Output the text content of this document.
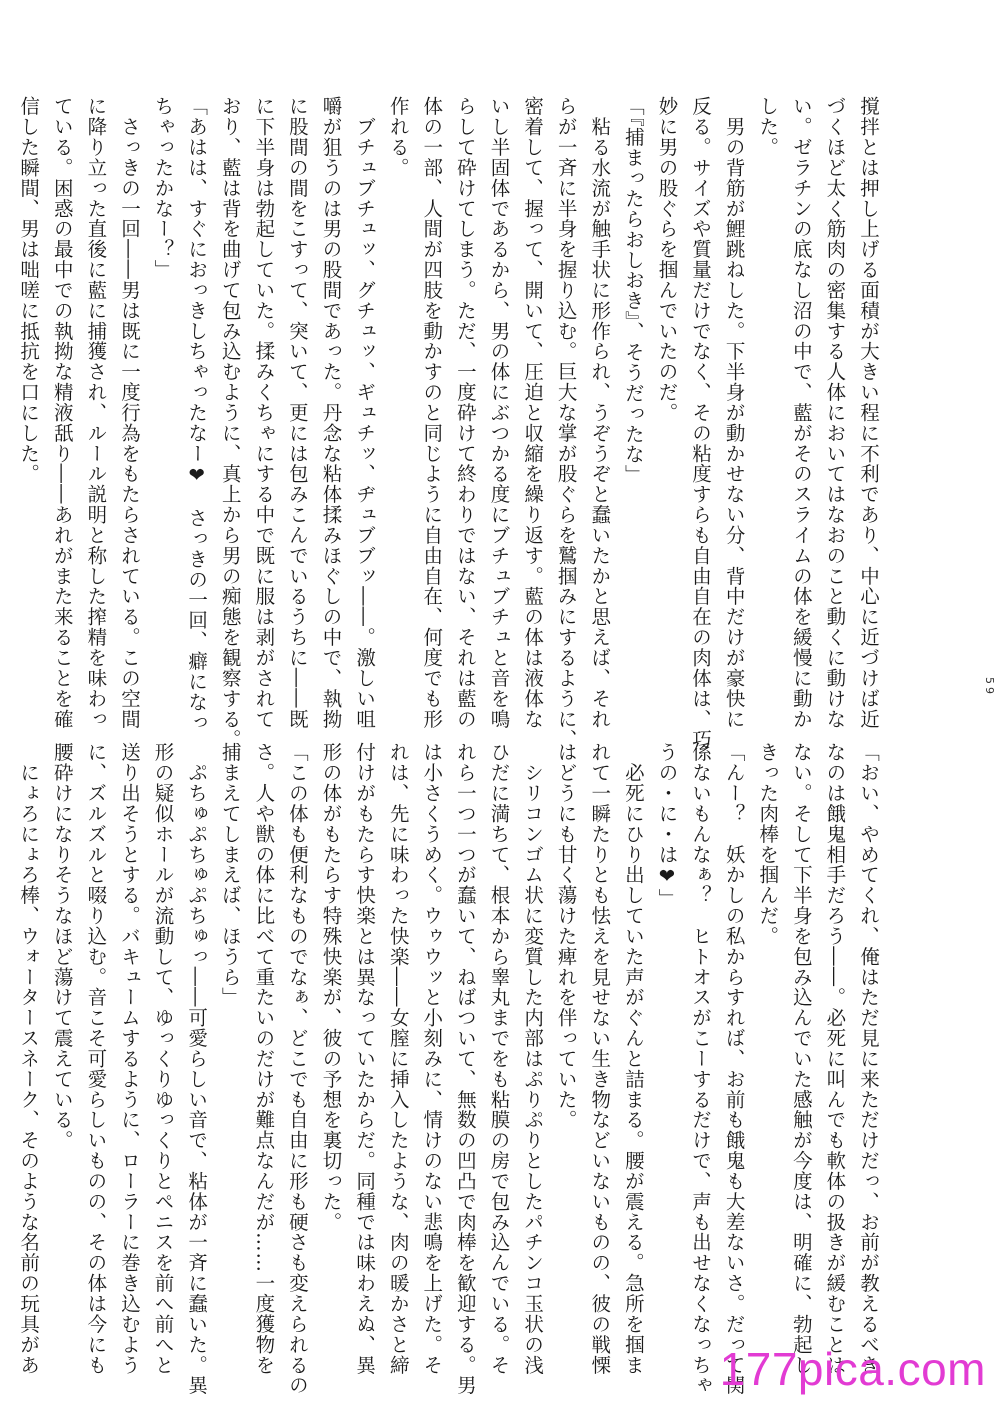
撹拌とは押し上げる面積が大きい程に不利であり、中心に近づけば近
づくほど太く筋肉の密集する人体においてはなおのこと動くに動けな
い。ゼラチンの底なし沼の中で、藍がそのスライムの体を緩慢に動か
した。
　男の背筋が鯉跳ねした。下半身が動かせない分、背中だけが豪快に
反る。サイズや質量だけでなく、その粘度すらも自由自在の肉体は、巧
妙に男の股ぐらを掴んでいたのだ。
「『捕まったらおしおき』、そうだったな」
　粘る水流が触手状に形作られ、うぞうぞと蠢いたかと思えば、それ
らが一斉に半身を握り込む。巨大な掌が股ぐらを鷲掴みにするように、
密着して、握って、開いて、圧迫と収縮を繰り返す。藍の体は液体な
いし半固体であるから、男の体にぶつかる度にブチュブチュと音を鳴
らして砕けてしまう。ただ、一度砕けて終わりではない、それは藍の
体の一部、人間が四肢を動かすのと同じように自由自在、何度でも形
作れる。
　ブチュブチュッ、グチュッ、ギュチッ、ヂュブブッ――。激しい咀
嚼が狙うのは男の股間であった。丹念な粘体揉みほぐしの中で、執拗
に股間の間をこすって、突いて、更には包みこんでいるうちに――既
に下半身は勃起していた。揉みくちゃにする中で既に服は剥がされて
おり、藍は背を曲げて包み込むように、真上から男の痴態を観察する。
「あはは、すぐにおっきしちゃったなー❤　さっきの一回、癖になっ
ちゃったかなー？」
　さっきの一回――男は既に一度行為をもたらされている。この空間
に降り立った直後に藍に捕獲され、ルール説明と称した搾精を味わっ
ている。困惑の最中での執拗な精液舐り――あれがまた来ることを確
信した瞬間、男は咄嗟に抵抗を口にした。
「おい、やめてくれ、俺はただ見に来ただけだっ、お前が教えるべき
なのは餓鬼相手だろう――。必死に叫んでも軟体の扱きが緩むことは
ない。そして下半身を包み込んでいた感触が今度は、明確に、勃起し
きった肉棒を掴んだ。
「んー？　妖かしの私からすれば、お前も餓鬼も大差ないさ。だって関
係ないもんなぁ？　ヒトオスがこーするだけで、声も出せなくなっちゃ
うの・に・は❤」
　必死にひり出していた声がぐんと詰まる。腰が震える。急所を掴ま
れて一瞬たりとも怯えを見せない生き物などいないものの、彼の戦慄
はどうにも甘く蕩けた痺れを伴っていた。
　シリコンゴム状に変質した内部はぷりぷりとしたパチンコ玉状の浅
ひだに満ちて、根本から睾丸までをも粘膜の房で包み込んでいる。そ
れら一つ一つが蠢いて、ねばついて、無数の凹凸で肉棒を歓迎する。男
は小さくうめく。ウゥウッと小刻みに、情けのない悲鳴を上げた。そ
れは、先に味わった快楽――女膣に挿入したような、肉の暖かさと締
付けがもたらす快楽とは異なっていたからだ。同種では味わえぬ、異
形の体がもたらす特殊快楽が、彼の予想を裏切った。
「この体も便利なものでなぁ、どこでも自由に形も硬さも変えられるの
さ。人や獣の体に比べて重たいのだけが難点なんだが……一度獲物を
捕まえてしまえば、ほうら」
　ぷちゅぷちゅぷちゅっ――可愛らしい音で、粘体が一斉に蠢いた。異
形の疑似ホールが流動して、ゆっくりゆっくりとペニスを前へ前へと
送り出そうとする。バキュームするように、ローラーに巻き込むよう
に、ズルズルと啜り込む。音こそ可愛らしいものの、その体は今にも
腰砕けになりそうなほど蕩けて震えている。
　にょろにょろ棒、ウォータースネーク、そのような名前の玩具があ
59
177pica.com
